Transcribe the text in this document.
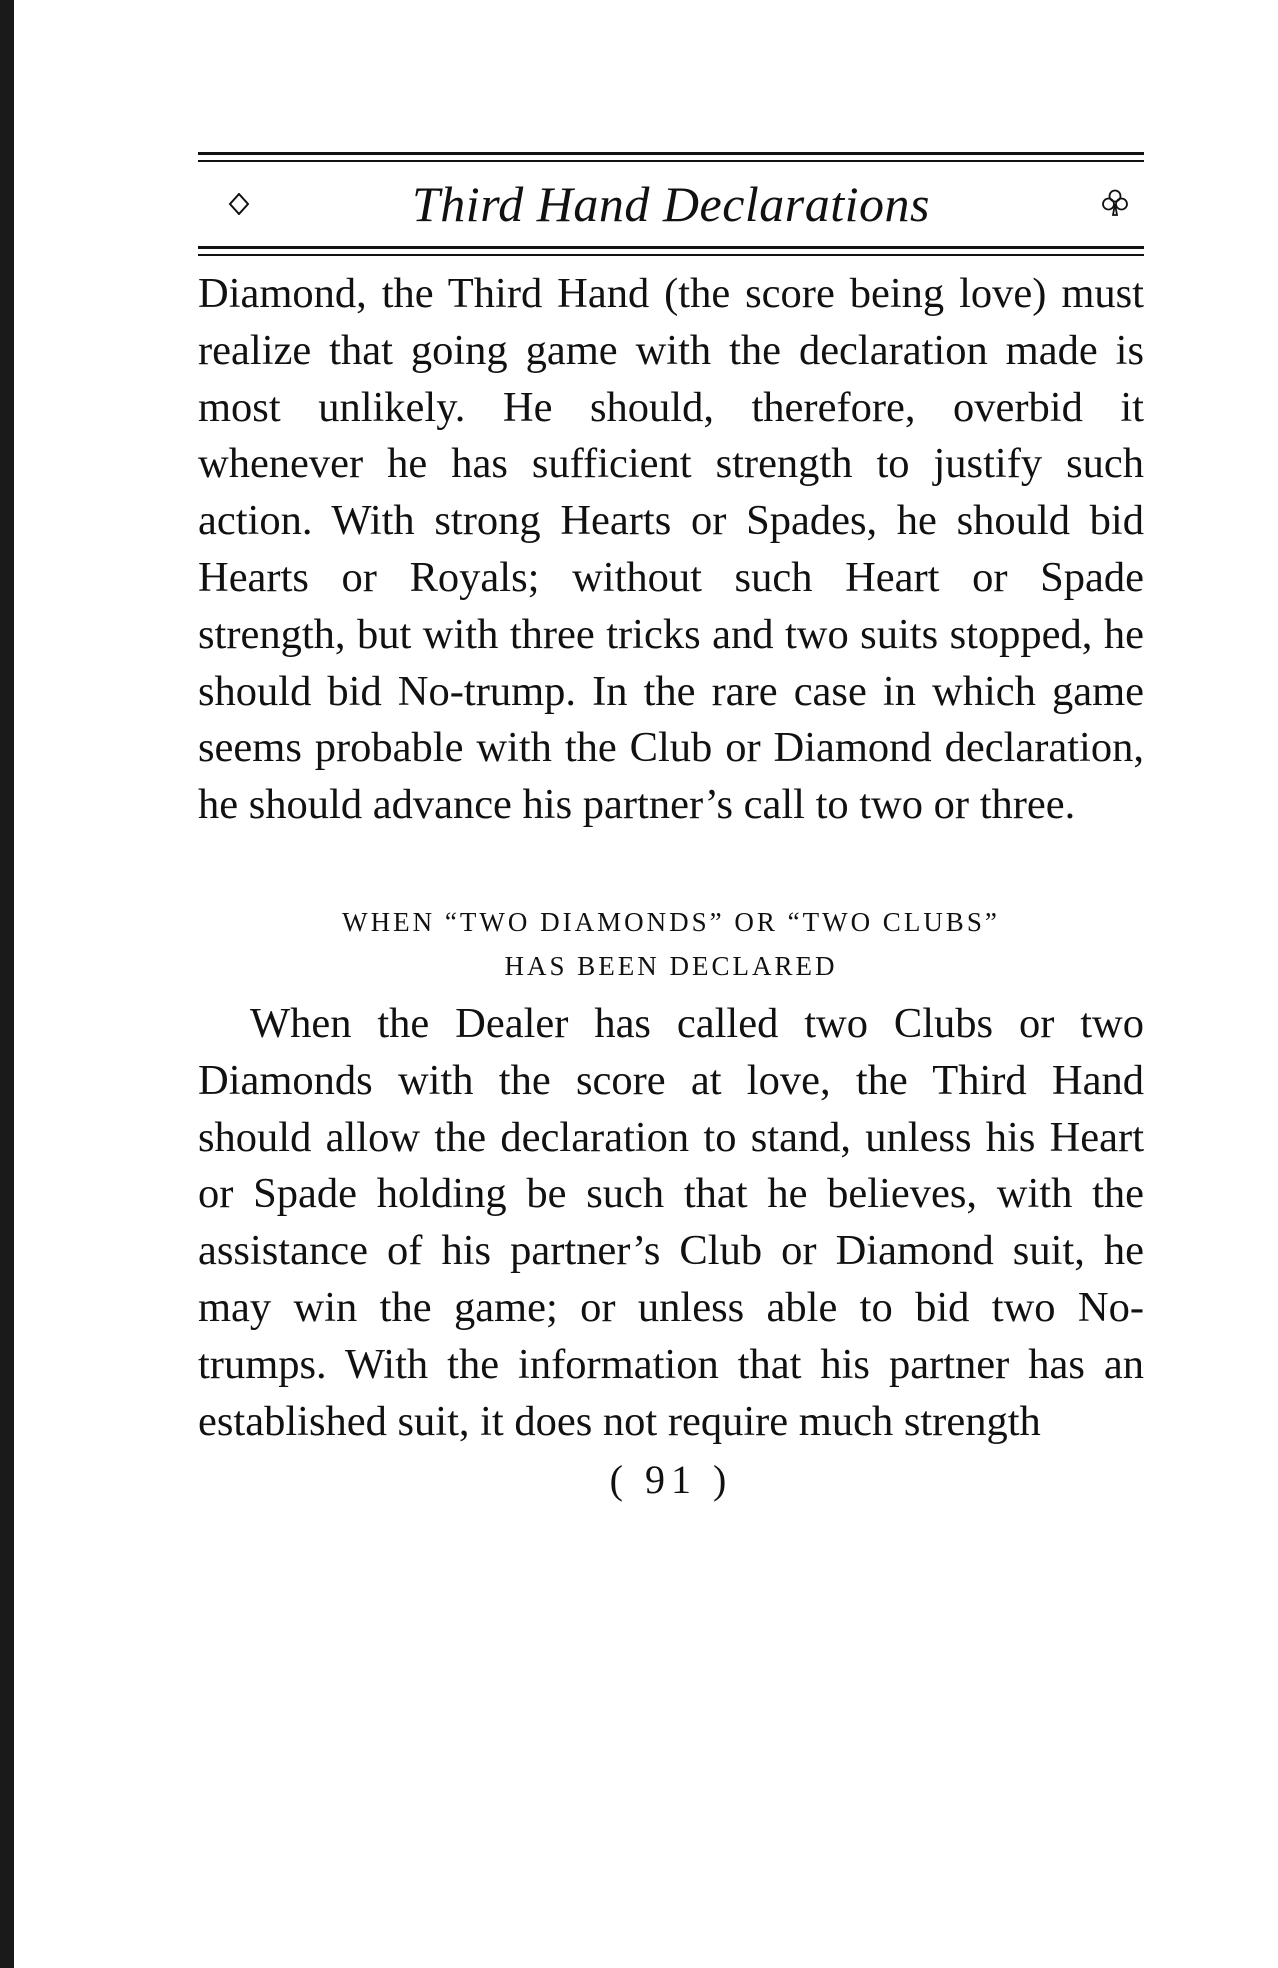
Third Hand Declarations

Diamond, the Third Hand (the score being love) must realize that going game with the declaration made is most unlikely. He should, therefore, overbid it whenever he has sufficient strength to justify such action. With strong Hearts or Spades, he should bid Hearts or Royals; without such Heart or Spade strength, but with three tricks and two suits stopped, he should bid No-trump. In the rare case in which game seems probable with the Club or Diamond declaration, he should advance his partner’s call to two or three.

WHEN “TWO DIAMONDS” OR “TWO CLUBS”
HAS BEEN DECLARED

When the Dealer has called two Clubs or two Diamonds with the score at love, the Third Hand should allow the declaration to stand, unless his Heart or Spade holding be such that he believes, with the assistance of his partner’s Club or Diamond suit, he may win the game; or unless able to bid two No-trumps. With the information that his partner has an established suit, it does not require much strength

( 91 )
